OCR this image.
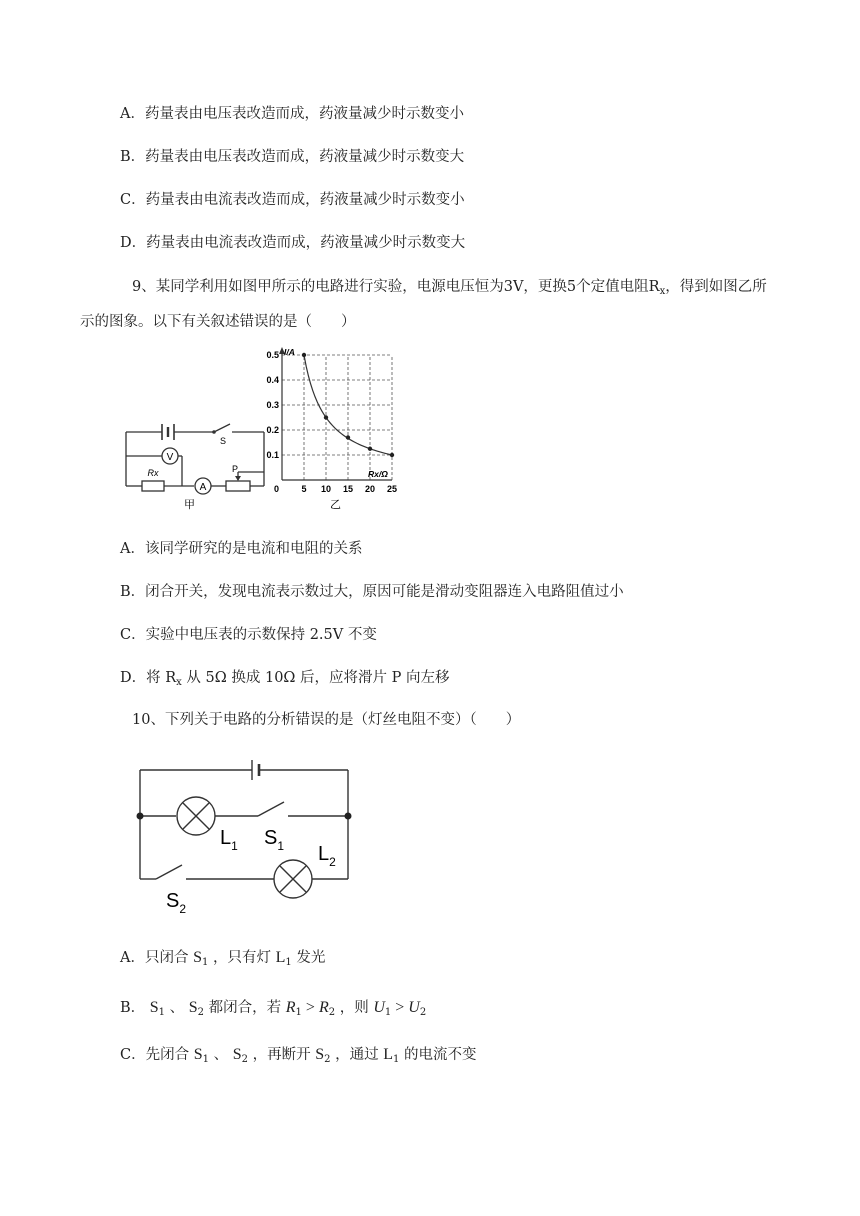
A．药量表由电压表改造而成，药液量减少时示数变小
B．药量表由电压表改造而成，药液量减少时示数变大
C．药量表由电流表改造而成，药液量减少时示数变小
D．药量表由电流表改造而成，药液量减少时示数变大
9、某同学利用如图甲所示的电路进行实验，电源电压恒为3V，更换5个定值电阻$R_x$，得到如图乙所示的图象。以下有关叙述错误的是（　　）
V
A
Rx
S
P
甲
I/A
Rx/Ω
0 5 10 15 20 25
0.1
0.2
0.3
0.4
0.5
乙
A．该同学研究的是电流和电阻的关系
B．闭合开关，发现电流表示数过大，原因可能是滑动变阻器连入电路阻值过小
C．实验中电压表的示数保持 2.5V 不变
D．将 $R_x$ 从 5Ω 换成 10Ω 后，应将滑片 P 向左移
10、下列关于电路的分析错误的是（灯丝电阻不变）（　　）
$L_1$ $S_1$ $L_2$
$S_2$
A．只闭合 $S_1$ ，只有灯 $L_1$ 发光
B． $S_1$ 、 $S_2$ 都闭合，若 $R_1 > R_2$ ，则 $U_1 > U_2$
C．先闭合 $S_1$ 、 $S_2$ ，再断开 $S_2$ ，通过 $L_1$ 的电流不变
